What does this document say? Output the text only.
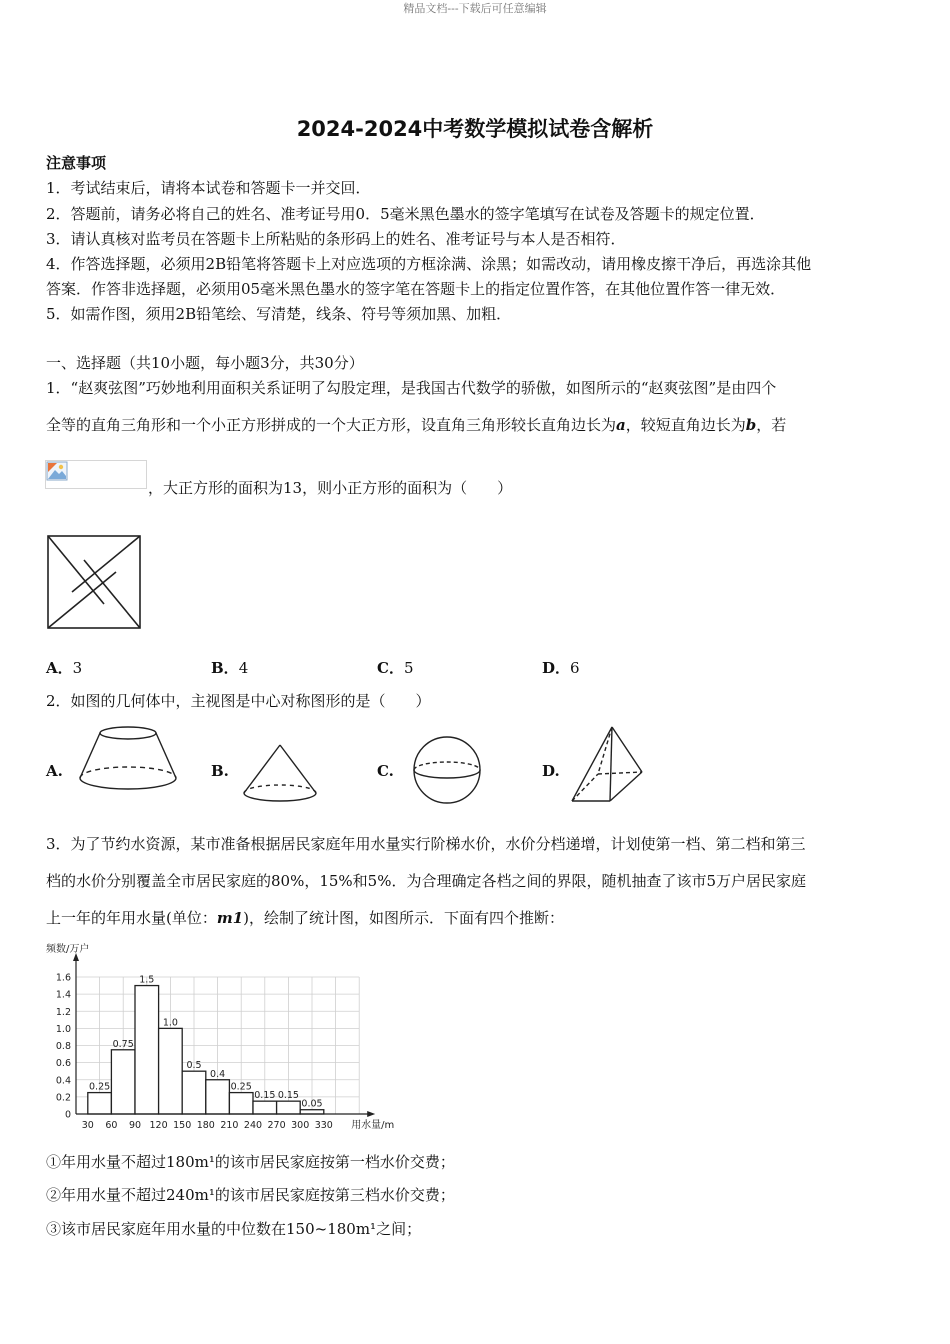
精品文档---下载后可任意编辑
2024-2024中考数学模拟试卷含解析
注意事项
1．考试结束后，请将本试卷和答题卡一并交回．
2．答题前，请务必将自己的姓名、准考证号用0．5毫米黑色墨水的签字笔填写在试卷及答题卡的规定位置．
3．请认真核对监考员在答题卡上所粘贴的条形码上的姓名、准考证号与本人是否相符．
4．作答选择题，必须用2B铅笔将答题卡上对应选项的方框涂满、涂黑；如需改动，请用橡皮擦干净后，再选涂其他
答案．作答非选择题，必须用05毫米黑色墨水的签字笔在答题卡上的指定位置作答，在其他位置作答一律无效．
5．如需作图，须用2B铅笔绘、写清楚，线条、符号等须加黑、加粗．
一、选择题（共10小题，每小题3分，共30分）
1．“赵爽弦图”巧妙地利用面积关系证明了勾股定理，是我国古代数学的骄傲，如图所示的“赵爽弦图”是由四个
全等的直角三角形和一个小正方形拼成的一个大正方形，设直角三角形较长直角边长为a，较短直角边长为b，若
，大正方形的面积为13，则小正方形的面积为（　　）
A．3	B．4	C．5	D．6
2．如图的几何体中，主视图是中心对称图形的是（　　）
A.	B.	C.	D.
3．为了节约水资源，某市准备根据居民家庭年用水量实行阶梯水价，水价分档递增，计划使第一档、第二档和第三
档的水价分别覆盖全市居民家庭的80%，15%和5%．为合理确定各档之间的界限，随机抽查了该市5万户居民家庭
上一年的年用水量(单位：m1)，绘制了统计图，如图所示．下面有四个推断：
0.25
0.75
1.5
1.0
0.5
0.4
0.25
0.15 0.15
0.05
0
0.2
0.4
0.6
0.8
1.0
1.2
1.4
1.6
30 60 90 120 150 180 210 240 270 300 330
频数/万户
用水量/m
①年用水量不超过180m¹的该市居民家庭按第一档水价交费；
②年用水量不超过240m¹的该市居民家庭按第三档水价交费；
③该市居民家庭年用水量的中位数在150~180m¹之间；
